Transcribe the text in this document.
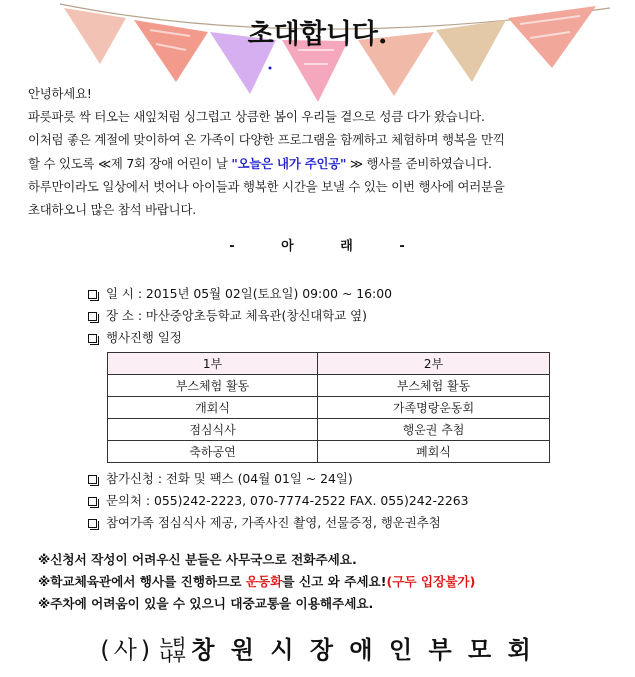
초대합니다.

안녕하세요!

파릇파릇 싹 터오는 새잎처럼 싱그럽고 상큼한 봄이 우리들 곁으로 성큼 다가 왔습니다.

이처럼 좋은 계절에 맞이하여 온 가족이 다양한 프로그램을 함께하고 체험하며 행복을 만끽

할 수 있도록 ≪제 7회 장애 어린이 날 "오늘은 내가 주인공" ≫ 행사를 준비하였습니다.

하루만이라도 일상에서 벗어나 아이들과 행복한 시간을 보낼 수 있는 이번 행사에 여러분을

초대하오니 많은 참석 바랍니다.

- 아 래 -
일 시 : 2015년 05월 02일(토요일) 09:00 ~ 16:00
장 소 : 마산중앙초등학교 체육관(창신대학교 옆)
행사진행 일정
1부	2부
부스체험 활동	부스체험 활동
개회식	가족명랑운동회
점심식사	행운권 추첨
축하공연	폐회식
참가신청 : 전화 및 팩스 (04월 01일 ~ 24일)
문의처 : 055)242-2223, 070-7774-2522 FAX. 055)242-2263
참여가족 점심식사 제공, 가족사진 촬영, 선물증정, 행운권추첨
※신청서 작성이 어려우신 분들은 사무국으로 전화주세요.
※학교체육관에서 행사를 진행하므로 운동화를 신고 와 주세요!(구두 입장불가)
※주차에 어려움이 있을 수 있으니 대중교통을 이용해주세요.
(사) 느티
나무 창 원 시 장 애 인 부 모 회
